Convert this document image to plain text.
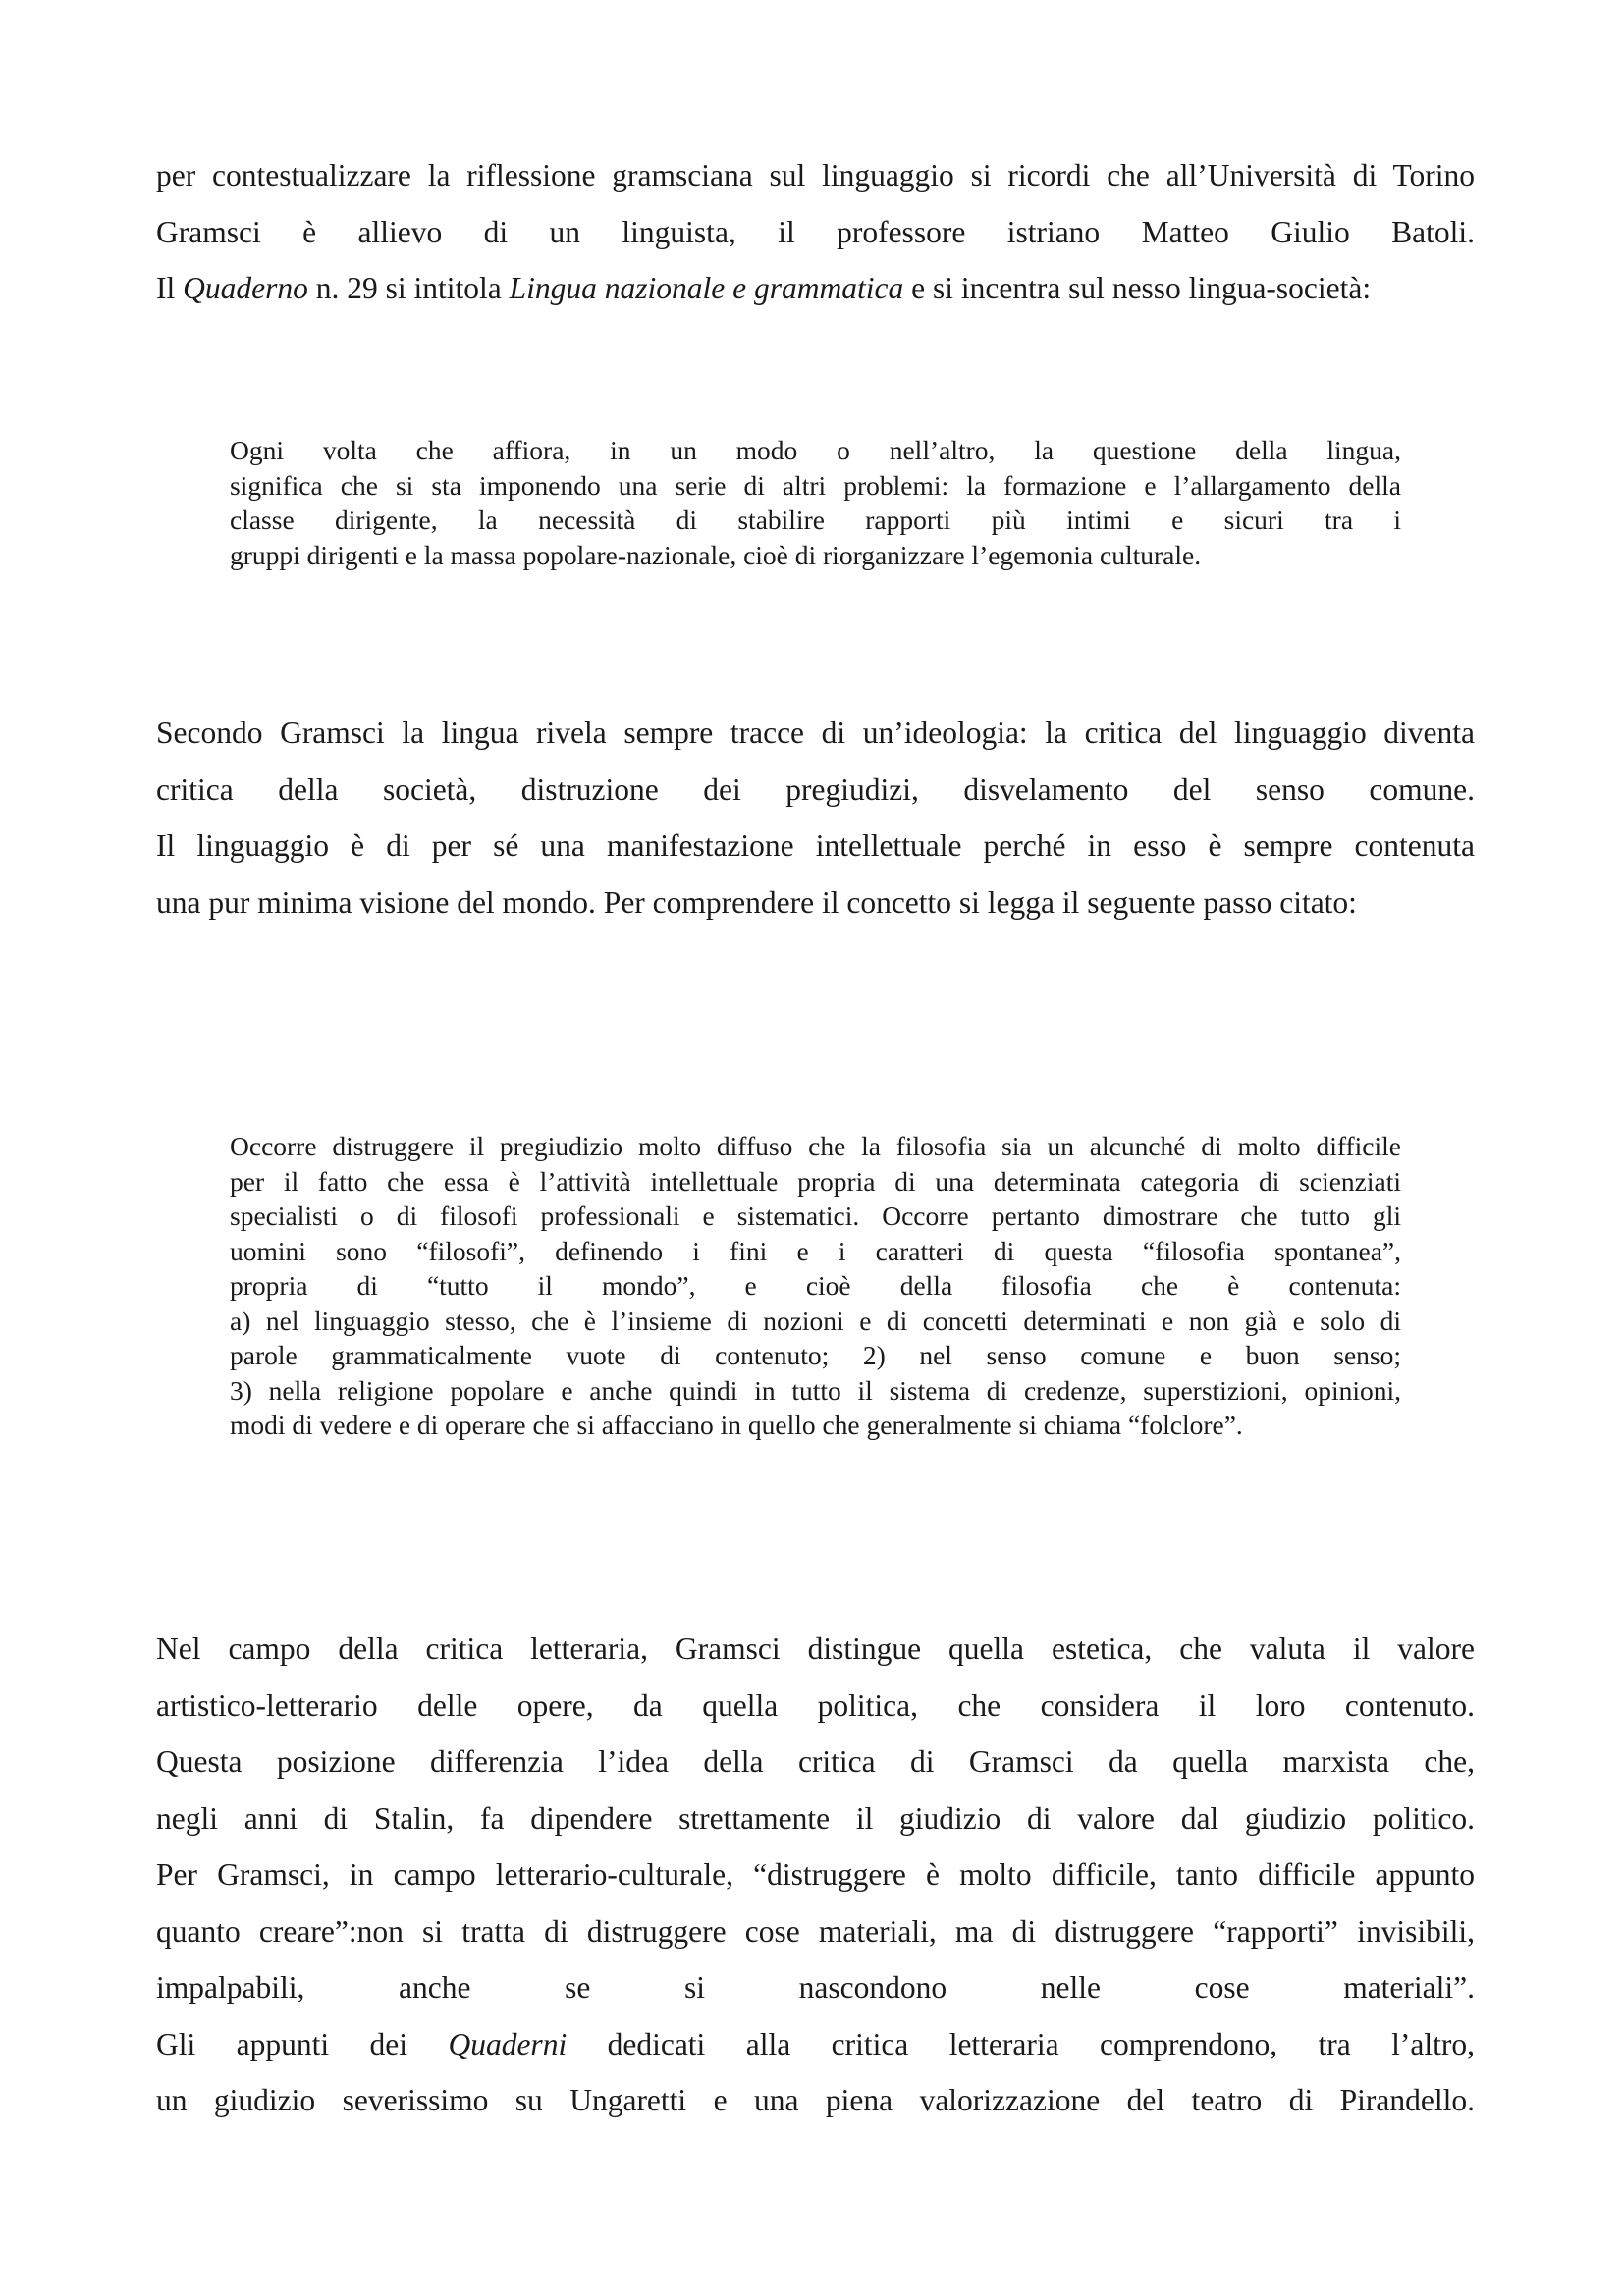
per contestualizzare la riflessione gramsciana sul linguaggio si ricordi che all’Università di Torino
Gramsci è allievo di un linguista, il professore istriano Matteo Giulio Batoli.
Il Quaderno n. 29 si intitola Lingua nazionale e grammatica e si incentra sul nesso lingua-società:
Ogni volta che affiora, in un modo o nell’altro, la questione della lingua,
significa che si sta imponendo una serie di altri problemi: la formazione e l’allargamento della
classe dirigente, la necessità di stabilire rapporti più intimi e sicuri tra i
gruppi dirigenti e la massa popolare-nazionale, cioè di riorganizzare l’egemonia culturale.
Secondo Gramsci la lingua rivela sempre tracce di un’ideologia: la critica del linguaggio diventa
critica della società, distruzione dei pregiudizi, disvelamento del senso comune.
Il linguaggio è di per sé una manifestazione intellettuale perché in esso è sempre contenuta
una pur minima visione del mondo. Per comprendere il concetto si legga il seguente passo citato:
Occorre distruggere il pregiudizio molto diffuso che la filosofia sia un alcunché di molto difficile
per il fatto che essa è l’attività intellettuale propria di una determinata categoria di scienziati
specialisti o di filosofi professionali e sistematici. Occorre pertanto dimostrare che tutto gli
uomini sono “filosofi”, definendo i fini e i caratteri di questa “filosofia spontanea”,
propria di “tutto il mondo”, e cioè della filosofia che è contenuta:
a) nel linguaggio stesso, che è l’insieme di nozioni e di concetti determinati e non già e solo di
parole grammaticalmente vuote di contenuto; 2) nel senso comune e buon senso;
3) nella religione popolare e anche quindi in tutto il sistema di credenze, superstizioni, opinioni,
modi di vedere e di operare che si affacciano in quello che generalmente si chiama “folclore”.
Nel campo della critica letteraria, Gramsci distingue quella estetica, che valuta il valore
artistico-letterario delle opere, da quella politica, che considera il loro contenuto.
Questa posizione differenzia l’idea della critica di Gramsci da quella marxista che,
negli anni di Stalin, fa dipendere strettamente il giudizio di valore dal giudizio politico.
Per Gramsci, in campo letterario-culturale, “distruggere è molto difficile, tanto difficile appunto
quanto creare”:non si tratta di distruggere cose materiali, ma di distruggere “rapporti” invisibili,
impalpabili, anche se si nascondono nelle cose materiali”.
Gli appunti dei Quaderni dedicati alla critica letteraria comprendono, tra l’altro,
un giudizio severissimo su Ungaretti e una piena valorizzazione del teatro di Pirandello.
